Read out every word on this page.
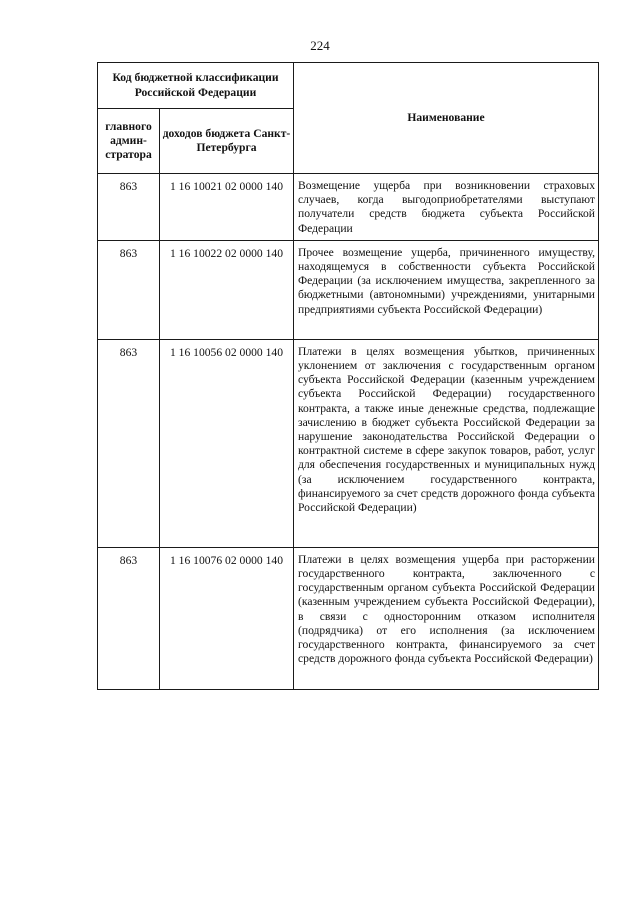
224
Код бюджетной классификации Российской Федерации		Наименование
главного админ-стратора	доходов бюджета Санкт-Петербурга	
863	1 16 10021 02 0000 140	Возмещение ущерба при возникновении страховых случаев, когда выгодоприобретателями выступают получатели средств бюджета субъекта Российской Федерации
863	1 16 10022 02 0000 140	Прочее возмещение ущерба, причиненного имуществу, находящемуся в собственности субъекта Российской Федерации (за исключением имущества, закрепленного за бюджетными (автономными) учреждениями, унитарными предприятиями субъекта Российской Федерации)
863	1 16 10056 02 0000 140	Платежи в целях возмещения убытков, причиненных уклонением от заключения с государственным органом субъекта Российской Федерации (казенным учреждением субъекта Российской Федерации) государственного контракта, а также иные денежные средства, подлежащие зачислению в бюджет субъекта Российской Федерации за нарушение законодательства Российской Федерации о контрактной системе в сфере закупок товаров, работ, услуг для обеспечения государственных и муниципальных нужд (за исключением государственного контракта, финансируемого за счет средств дорожного фонда субъекта Российской Федерации)
863	1 16 10076 02 0000 140	Платежи в целях возмещения ущерба при расторжении государственного контракта, заключенного с государственным органом субъекта Российской Федерации (казенным учреждением субъекта Российской Федерации), в связи с односторонним отказом исполнителя (подрядчика) от его исполнения (за исключением государственного контракта, финансируемого за счет средств дорожного фонда субъекта Российской Федерации)
